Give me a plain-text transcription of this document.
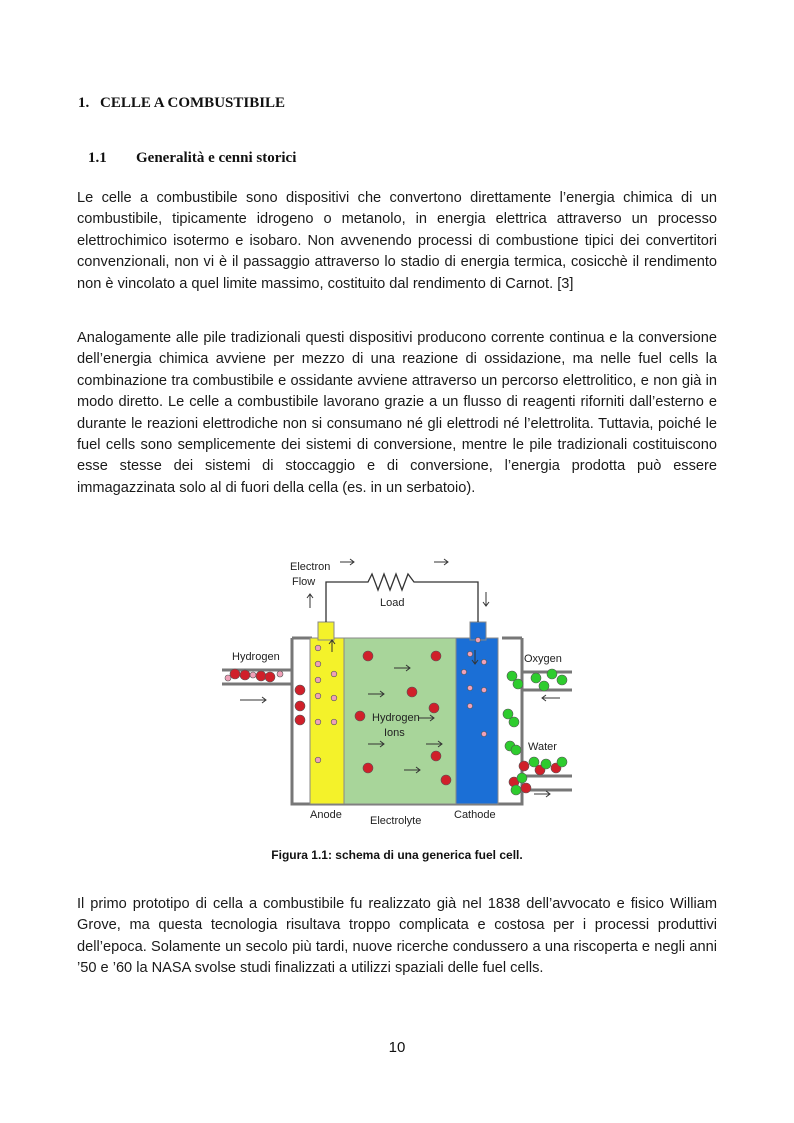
1. CELLE A COMBUSTIBILE
1.1 Generalità e cenni storici

Le celle a combustibile sono dispositivi che convertono direttamente l’energia chimica di un combustibile, tipicamente idrogeno o metanolo, in energia elettrica attraverso un processo elettrochimico isotermo e isobaro. Non avvenendo processi di combustione tipici dei convertitori convenzionali, non vi è il passaggio attraverso lo stadio di energia termica, cosicchè il rendimento non è vincolato a quel limite massimo, costituito dal rendimento di Carnot. [3]

Analogamente alle pile tradizionali questi dispositivi producono corrente continua e la conversione dell’energia chimica avviene per mezzo di una reazione di ossidazione, ma nelle fuel cells la combinazione tra combustibile e ossidante avviene attraverso un percorso elettrolitico, e non già in modo diretto. Le celle a combustibile lavorano grazie a un flusso di reagenti riforniti dall’esterno e durante le reazioni elettrodiche non si consumano né gli elettrodi né l’elettrolita. Tuttavia, poiché le fuel cells sono semplicemente dei sistemi di conversione, mentre le pile tradizionali costituiscono esse stesse dei sistemi di stoccaggio e di conversione, l’energia prodotta può essere immagazzinata solo al di fuori della cella (es. in un serbatoio).

Electron
Flow
Load
Hydrogen	Oxygen
Hydrogen
Ions
Water
Anode	Electrolyte	Cathode
Figura 1.1: schema di una generica fuel cell.

Il primo prototipo di cella a combustibile fu realizzato già nel 1838 dell’avvocato e fisico William Grove, ma questa tecnologia risultava troppo complicata e costosa per i processi produttivi dell’epoca. Solamente un secolo più tardi, nuove ricerche condussero a una riscoperta e negli anni ’50 e ’60 la NASA svolse studi finalizzati a utilizzi spaziali delle fuel cells.

10
